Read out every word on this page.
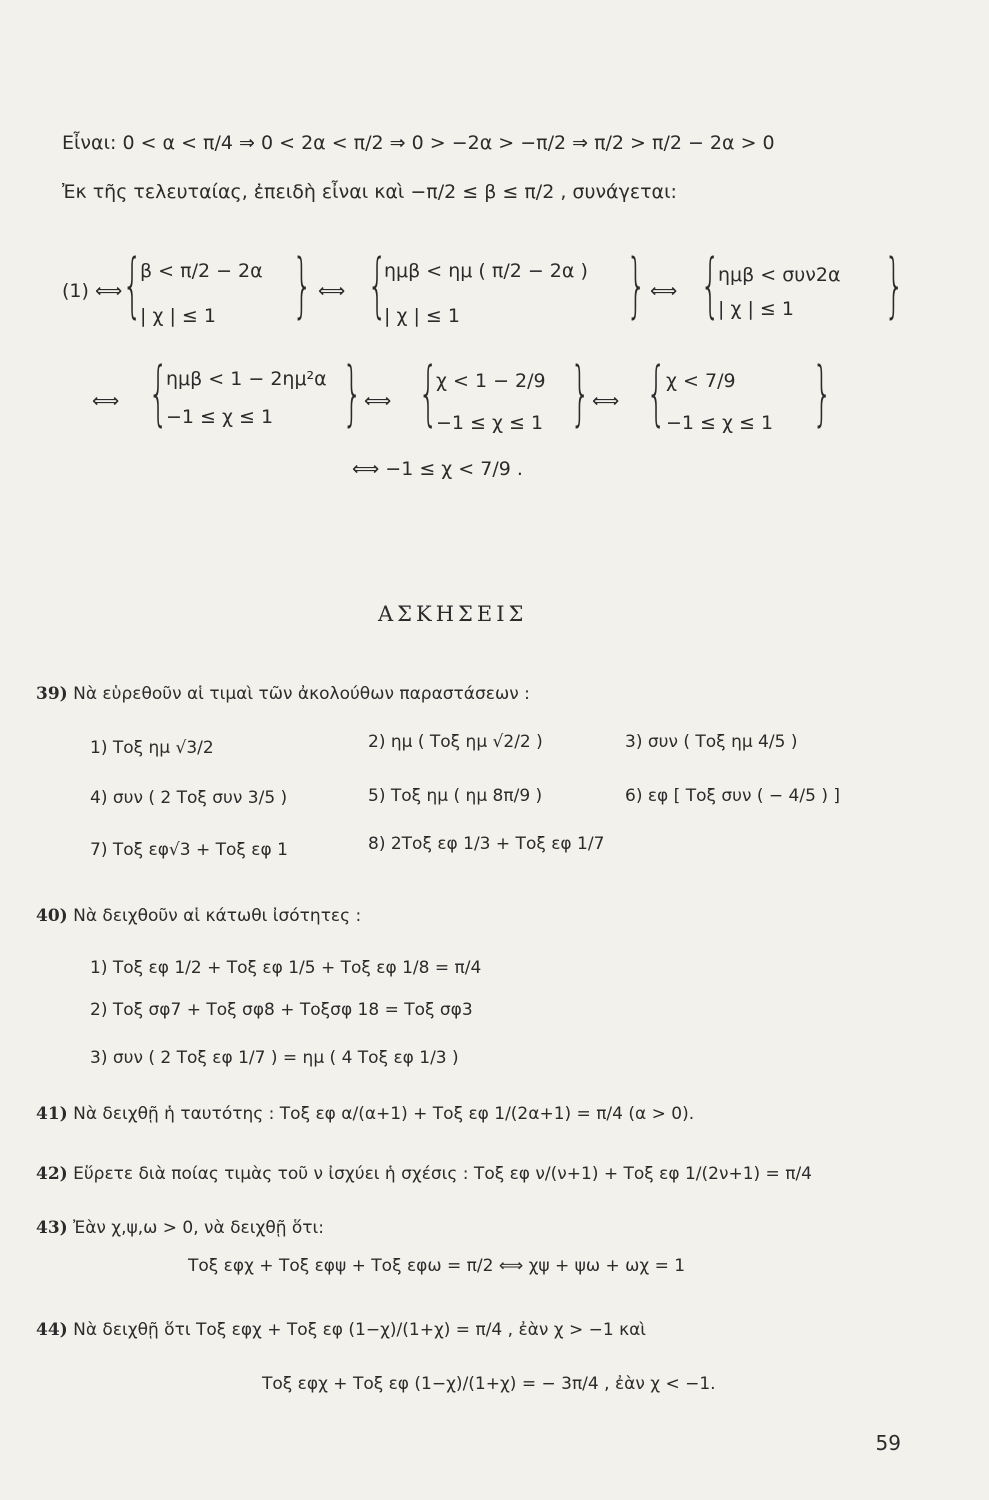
Εἶναι: 0 < α < π/4 ⇒ 0 < 2α < π/2 ⇒ 0 > −2α > −π/2 ⇒ π/2 > π/2 − 2α > 0
Ἐκ τῆς τελευταίας, ἐπειδὴ εἶναι καὶ −π/2 ≤ β ≤ π/2 , συνάγεται:
(1) ⟺ {
β < π/2 − 2α
| χ | ≤ 1 } ⟺ {
ημβ < ημ ( π/2 − 2α )
| χ | ≤ 1 } ⟺ {
ημβ < συν2α
| χ | ≤ 1 }
⟺ {
ημβ < 1 − 2ημ²α
−1 ≤ χ ≤ 1 } ⟺ {
χ < 1 − 2/9
−1 ≤ χ ≤ 1 } ⟺ { χ < 7/9
−1 ≤ χ ≤ 1 }
⟺ −1 ≤ χ < 7/9 .
ΑΣΚΗΣΕΙΣ
39) Νὰ εὑρεθοῦν αἱ τιμαὶ τῶν ἀκολούθων παραστάσεων :
1) Τοξ ημ √3/2	2) ημ ( Τοξ ημ √2/2 )	3) συν ( Τοξ ημ 4/5 )
4) συν ( 2 Τοξ συν 3/5 )	5) Τοξ ημ ( ημ 8π/9 )	6) εφ [ Τοξ συν ( − 4/5 ) ]
7) Τοξ εφ√3 + Τοξ εφ 1	8) 2Τοξ εφ 1/3 + Τοξ εφ 1/7
40) Νὰ δειχθοῦν αἱ κάτωθι ἰσότητες :
1) Τοξ εφ 1/2 + Τοξ εφ 1/5 + Τοξ εφ 1/8 = π/4
2) Τοξ σφ7 + Τοξ σφ8 + Τοξσφ 18 = Τοξ σφ3
3) συν ( 2 Τοξ εφ 1/7 ) = ημ ( 4 Τοξ εφ 1/3 )
41) Νὰ δειχθῇ ἡ ταυτότης : Τοξ εφ α/(α+1) + Τοξ εφ 1/(2α+1) = π/4 (α > 0).
42) Εὕρετε διὰ ποίας τιμὰς τοῦ ν ἰσχύει ἡ σχέσις : Τοξ εφ ν/(ν+1) + Τοξ εφ 1/(2ν+1) = π/4
43) Ἐὰν χ,ψ,ω > 0, νὰ δειχθῇ ὅτι:
Τοξ εφχ + Τοξ εφψ + Τοξ εφω = π/2 ⟺ χψ + ψω + ωχ = 1
44) Νὰ δειχθῇ ὅτι Τοξ εφχ + Τοξ εφ (1−χ)/(1+χ) = π/4 , ἐὰν χ > −1 καὶ
Τοξ εφχ + Τοξ εφ (1−χ)/(1+χ) = − 3π/4 , ἐὰν χ < −1.
59
